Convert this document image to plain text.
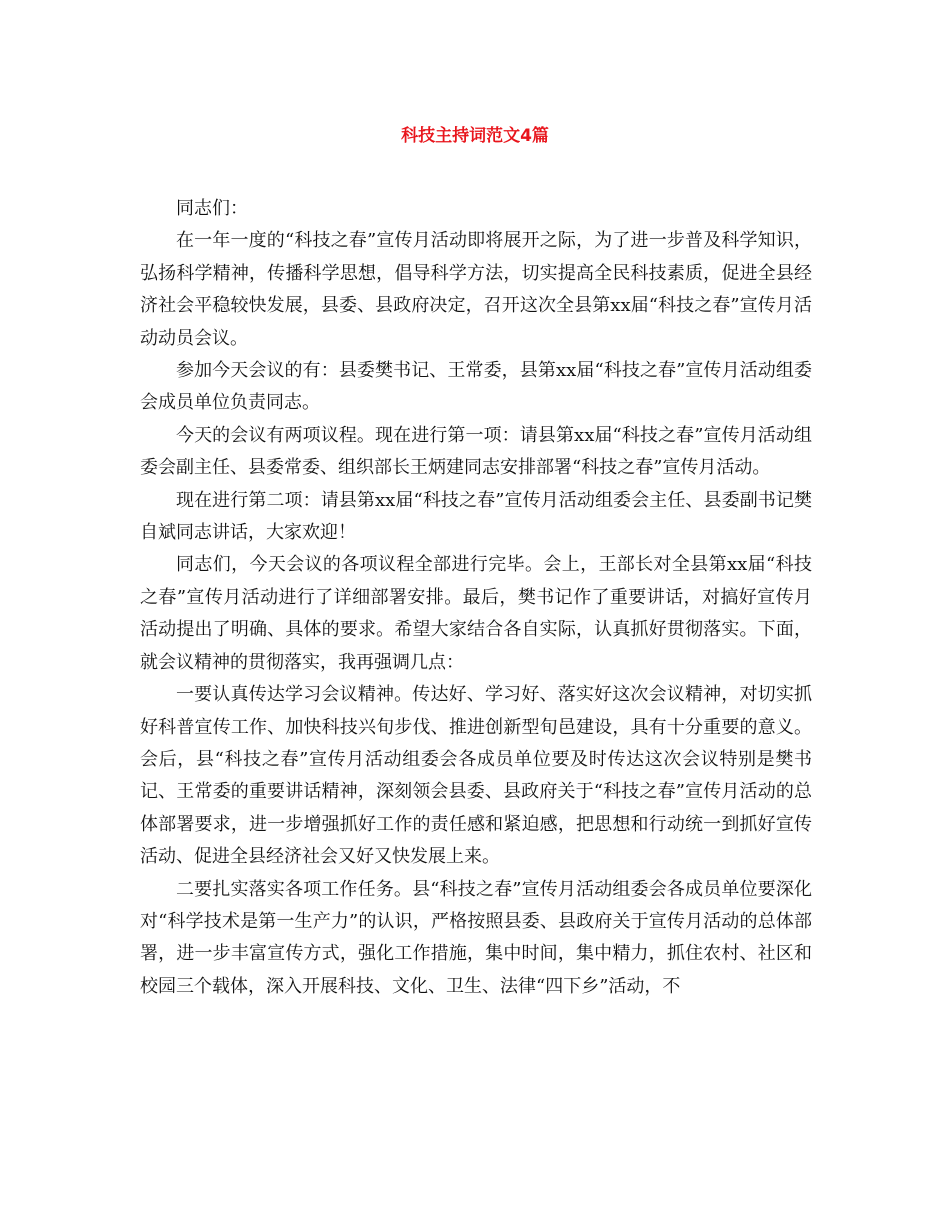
科技主持词范文4篇

同志们：

在一年一度的“科技之春”宣传月活动即将展开之际，为了进一步普及科学知识，弘扬科学精神，传播科学思想，倡导科学方法，切实提高全民科技素质，促进全县经济社会平稳较快发展，县委、县政府决定，召开这次全县第xx届“科技之春”宣传月活动动员会议。

参加今天会议的有：县委樊书记、王常委，县第xx届“科技之春”宣传月活动组委会成员单位负责同志。

今天的会议有两项议程。现在进行第一项：请县第xx届“科技之春”宣传月活动组委会副主任、县委常委、组织部长王炳建同志安排部署“科技之春”宣传月活动。

现在进行第二项：请县第xx届“科技之春”宣传月活动组委会主任、县委副书记樊自斌同志讲话，大家欢迎！

同志们，今天会议的各项议程全部进行完毕。会上，王部长对全县第xx届“科技之春”宣传月活动进行了详细部署安排。最后，樊书记作了重要讲话，对搞好宣传月活动提出了明确、具体的要求。希望大家结合各自实际，认真抓好贯彻落实。下面，就会议精神的贯彻落实，我再强调几点：

一要认真传达学习会议精神。传达好、学习好、落实好这次会议精神，对切实抓好科普宣传工作、加快科技兴旬步伐、推进创新型旬邑建设，具有十分重要的意义。会后，县“科技之春”宣传月活动组委会各成员单位要及时传达这次会议特别是樊书记、王常委的重要讲话精神，深刻领会县委、县政府关于“科技之春”宣传月活动的总体部署要求，进一步增强抓好工作的责任感和紧迫感，把思想和行动统一到抓好宣传活动、促进全县经济社会又好又快发展上来。

二要扎实落实各项工作任务。县“科技之春”宣传月活动组委会各成员单位要深化对“科学技术是第一生产力”的认识，严格按照县委、县政府关于宣传月活动的总体部署，进一步丰富宣传方式，强化工作措施，集中时间，集中精力，抓住农村、社区和校园三个载体，深入开展科技、文化、卫生、法律“四下乡”活动，不
